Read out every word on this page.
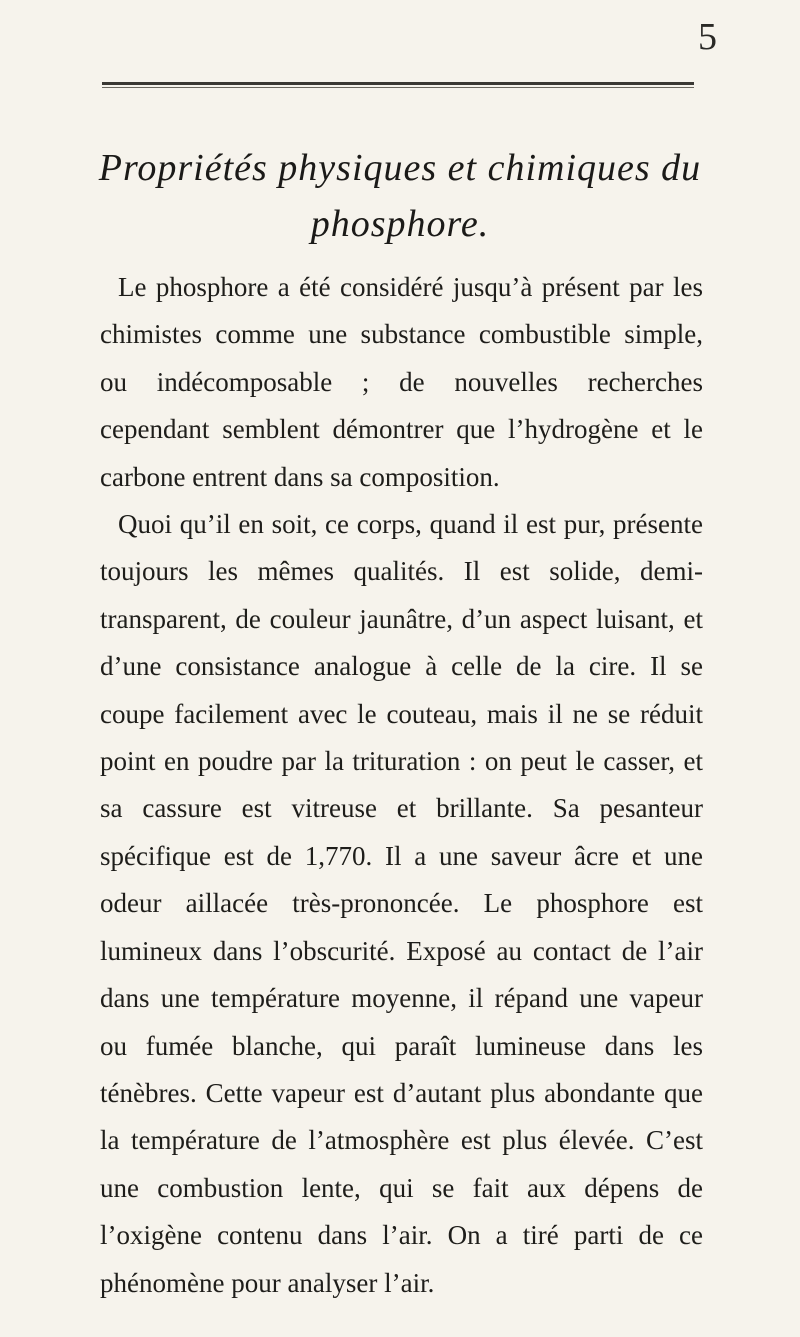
5
Propriétés physiques et chimiques du phosphore.

Le phosphore a été considéré jusqu’à présent par les chimistes comme une substance combustible simple, ou indécomposable ; de nouvelles recherches cependant semblent démontrer que l’hydrogène et le carbone entrent dans sa composition.

Quoi qu’il en soit, ce corps, quand il est pur, présente toujours les mêmes qualités. Il est solide, demi-transparent, de couleur jaunâtre, d’un aspect luisant, et d’une consistance analogue à celle de la cire. Il se coupe facilement avec le couteau, mais il ne se réduit point en poudre par la trituration : on peut le casser, et sa cassure est vitreuse et brillante. Sa pesanteur spécifique est de 1,770. Il a une saveur âcre et une odeur aillacée très-prononcée. Le phosphore est lumineux dans l’obscurité. Exposé au contact de l’air dans une température moyenne, il répand une vapeur ou fumée blanche, qui paraît lumineuse dans les ténèbres. Cette vapeur est d’autant plus abondante que la température de l’atmosphère est plus élevée. C’est une combustion lente, qui se fait aux dépens de l’oxigène contenu dans l’air. On a tiré parti de ce phénomène pour analyser l’air.
